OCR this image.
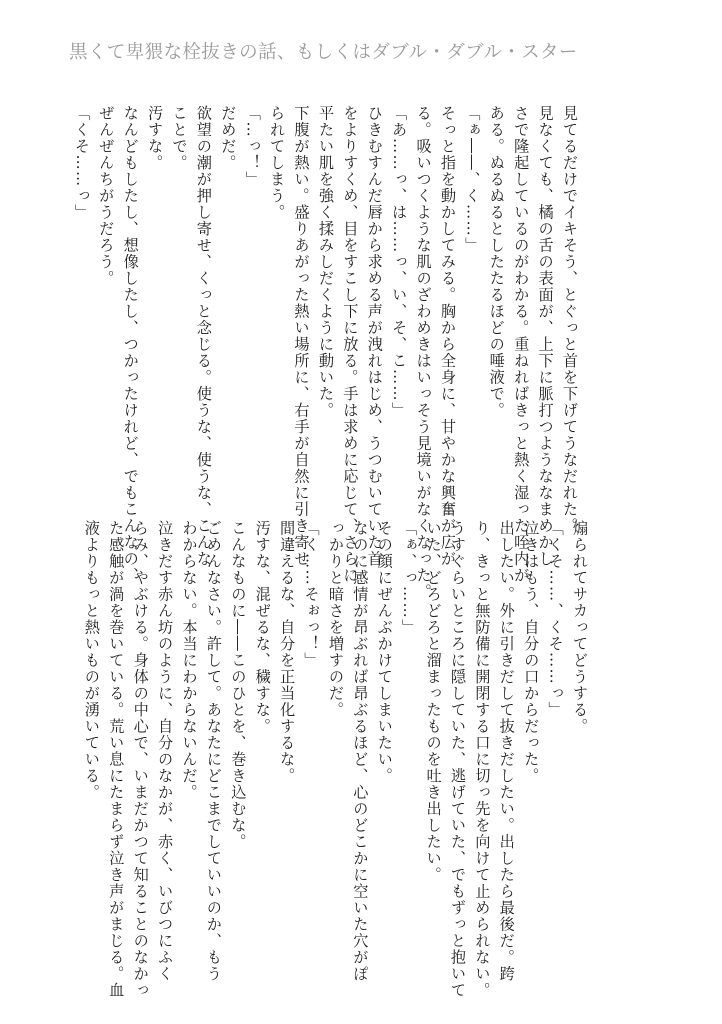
黒くて卑猥な栓抜きの話、もしくはダブル・ダブル・スター
見てるだけでイキそう、とぐっと首を下げてうなだれた。
見なくても、橘の舌の表面が、上下に脈打つようななまめかし
さで隆起しているのがわかる。重ねればきっと熱く湿った咥内が
ある。ぬるぬるとしたたるほどの唾液で。
「ぁ――、く……」
そっと指を動かしてみる。胸から全身に、甘やかな興奮が広が
る。吸いつくような肌のざわめきはいっそう見境いがなくなった。
「あ……っ、は……っ、い、そ、こ……」
ひきむすんだ唇から求める声が洩れはじめ、うつむいていた首
をよりすくめ、目をすこし下に放る。手は求めに応じて、さらに
平たい肌を強く揉みしだくように動いた。
下腹が熱い。盛りあがった熱い場所に、右手が自然に引き寄せ
られてしまう。
「…っ！」
だめだ。
欲望の潮が押し寄せ、くっと念じる。使うな、使うな、こんな
ことで。
汚すな。
なんどもしたし、想像したし、つかったけれど、でもこんなの、
ぜんぜんちがうだろう。
「くそ……っ」
煽られてサカってどうする。
「くそ……、くそ……っ」
泣きはもう、自分の口からだった。
出したい。外に引きだして抜きだしたい。出したら最後だ。跨
り、きっと無防備に開閉する口に切っ先を向けて止められない。
うすぐらいところに隠していた、逃げていた、でもずっと抱いて
いた、どろどろと溜まったものを吐き出したい。
「ぁ、っ……」
その顔にぜんぶかけてしまいたい。
なのに感情が昂ぶれば昂ぶるほど、心のどこかに空いた穴がぽ
っかりと暗さを増すのだ。
「く……そぉっ！」
間違えるな、自分を正当化するな。
汚すな、混ぜるな、穢すな。
こんなものに――このひとを、巻き込むな。
ごめんなさい。許して。あなたにどこまでしていいのか、もう
わからない。本当にわからないんだ。
泣きだす赤ん坊のように、自分のなかが、赤く、いびつにふく
らみ、やぶける。身体の中心で、いまだかつて知ることのなかっ
た感触が渦を巻いている。荒い息にたまらず泣き声がまじる。血
液よりもっと熱いものが湧いている。
